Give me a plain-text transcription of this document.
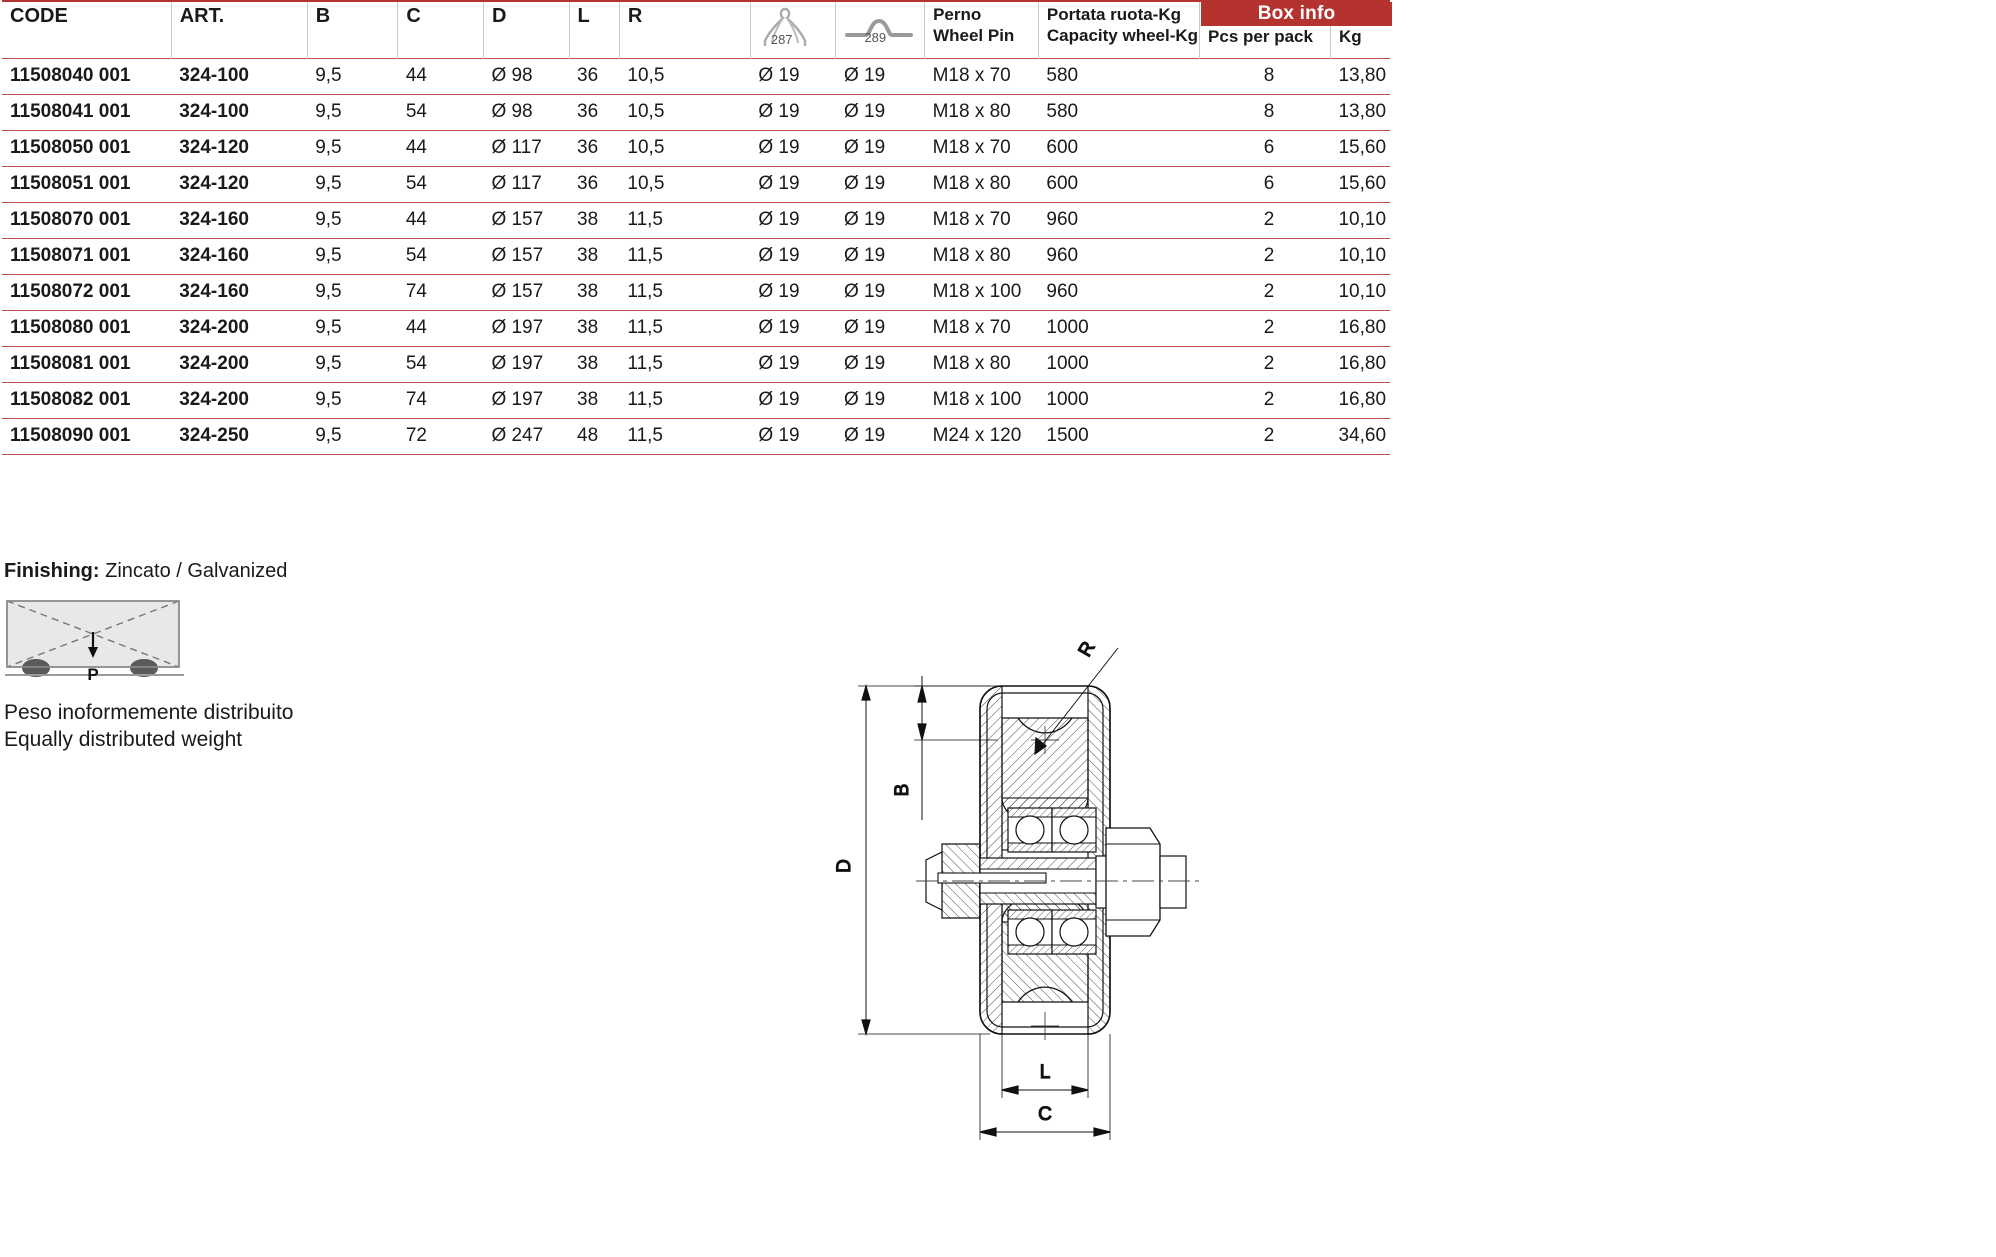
CODE	ART.	B	C	D	L	R	287	289	Perno
Wheel Pin	Portata ruota-Kg
Capacity wheel-Kg	Pcs per pack	Kg

11508040 001	324-100	9,5	44	Ø 98	36	10,5	Ø 19	Ø 19	M18 x 70	580	8	13,80
11508041 001	324-100	9,5	54	Ø 98	36	10,5	Ø 19	Ø 19	M18 x 80	580	8	13,80
11508050 001	324-120	9,5	44	Ø 117	36	10,5	Ø 19	Ø 19	M18 x 70	600	6	15,60
11508051 001	324-120	9,5	54	Ø 117	36	10,5	Ø 19	Ø 19	M18 x 80	600	6	15,60
11508070 001	324-160	9,5	44	Ø 157	38	11,5	Ø 19	Ø 19	M18 x 70	960	2	10,10
11508071 001	324-160	9,5	54	Ø 157	38	11,5	Ø 19	Ø 19	M18 x 80	960	2	10,10
11508072 001	324-160	9,5	74	Ø 157	38	11,5	Ø 19	Ø 19	M18 x 100	960	2	10,10
11508080 001	324-200	9,5	44	Ø 197	38	11,5	Ø 19	Ø 19	M18 x 70	1000	2	16,80
11508081 001	324-200	9,5	54	Ø 197	38	11,5	Ø 19	Ø 19	M18 x 80	1000	2	16,80
11508082 001	324-200	9,5	74	Ø 197	38	11,5	Ø 19	Ø 19	M18 x 100	1000	2	16,80
11508090 001	324-250	9,5	72	Ø 247	48	11,5	Ø 19	Ø 19	M24 x 120	1500	2	34,60
Box info
Finishing: Zincato / Galvanized
P
Peso inoformemente distribuito
Equally distributed weight
D
B
R
L
C
